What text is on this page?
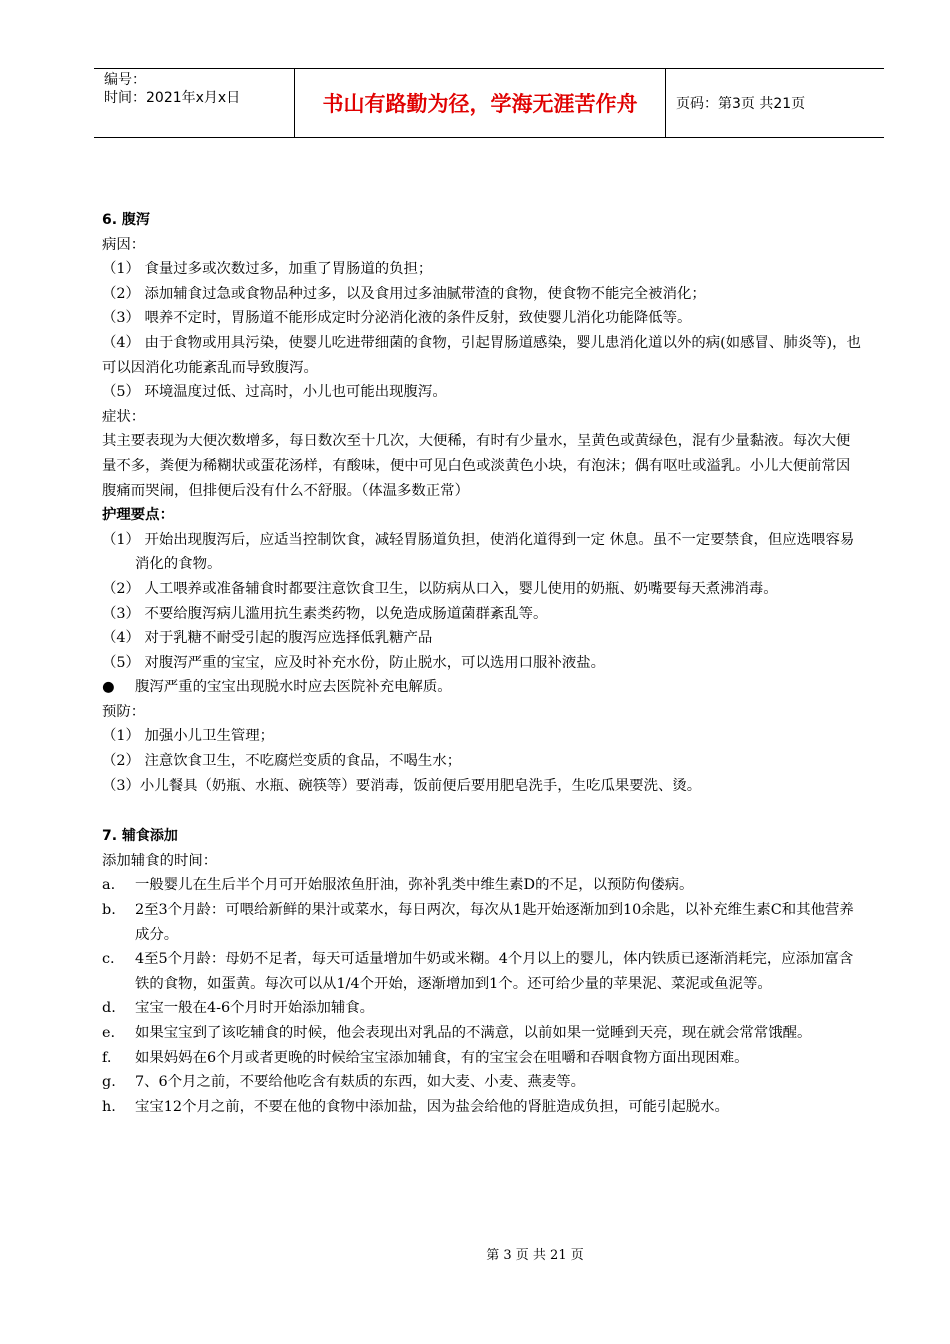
编号：
时间：2021年x月x日	书山有路勤为径，学海无涯苦作舟	页码：第3页 共21页

6. 腹泻

病因：

（1） 食量过多或次数过多，加重了胃肠道的负担；

（2） 添加辅食过急或食物品种过多，以及食用过多油腻带渣的食物，使食物不能完全被消化；

（3） 喂养不定时，胃肠道不能形成定时分泌消化液的条件反射，致使婴儿消化功能降低等。

（4） 由于食物或用具污染，使婴儿吃进带细菌的食物，引起胃肠道感染，婴儿患消化道以外的病(如感冒、肺炎等)，也可以因消化功能紊乱而导致腹泻。

（5） 环境温度过低、过高时，小儿也可能出现腹泻。

症状：

其主要表现为大便次数增多，每日数次至十几次，大便稀，有时有少量水，呈黄色或黄绿色，混有少量黏液。每次大便量不多，粪便为稀糊状或蛋花汤样，有酸味，便中可见白色或淡黄色小块，有泡沫；偶有呕吐或溢乳。小儿大便前常因腹痛而哭闹，但排便后没有什么不舒服。（体温多数正常）

护理要点：

（1） 开始出现腹泻后，应适当控制饮食，减轻胃肠道负担，使消化道得到一定 休息。虽不一定要禁食，但应选喂容易消化的食物。

（2） 人工喂养或准备辅食时都要注意饮食卫生，以防病从口入，婴儿使用的奶瓶、奶嘴要每天煮沸消毒。

（3） 不要给腹泻病儿滥用抗生素类药物，以免造成肠道菌群紊乱等。

（4） 对于乳糖不耐受引起的腹泻应选择低乳糖产品

（5） 对腹泻严重的宝宝，应及时补充水份，防止脱水，可以选用口服补液盐。

● 腹泻严重的宝宝出现脱水时应去医院补充电解质。

预防：

（1） 加强小儿卫生管理；

（2） 注意饮食卫生，不吃腐烂变质的食品，不喝生水；

（3）小儿餐具（奶瓶、水瓶、碗筷等）要消毒，饭前便后要用肥皂洗手，生吃瓜果要洗、烫。

7. 辅食添加

添加辅食的时间：

a. 一般婴儿在生后半个月可开始服浓鱼肝油，弥补乳类中维生素D的不足，以预防佝偻病。

b. 2至3个月龄：可喂给新鲜的果汁或菜水，每日两次，每次从1匙开始逐渐加到10余匙，以补充维生素C和其他营养成分。

c. 4至5个月龄：母奶不足者，每天可适量增加牛奶或米糊。4个月以上的婴儿，体内铁质已逐渐消耗完，应添加富含铁的食物，如蛋黄。每次可以从1/4个开始，逐渐增加到1个。还可给少量的苹果泥、菜泥或鱼泥等。

d. 宝宝一般在4-6个月时开始添加辅食。

e. 如果宝宝到了该吃辅食的时候，他会表现出对乳品的不满意，以前如果一觉睡到天亮，现在就会常常饿醒。

f. 如果妈妈在6个月或者更晚的时候给宝宝添加辅食，有的宝宝会在咀嚼和吞咽食物方面出现困难。

g. 7、6个月之前，不要给他吃含有麸质的东西，如大麦、小麦、燕麦等。

h. 宝宝12个月之前，不要在他的食物中添加盐，因为盐会给他的肾脏造成负担，可能引起脱水。

第 3 页 共 21 页
